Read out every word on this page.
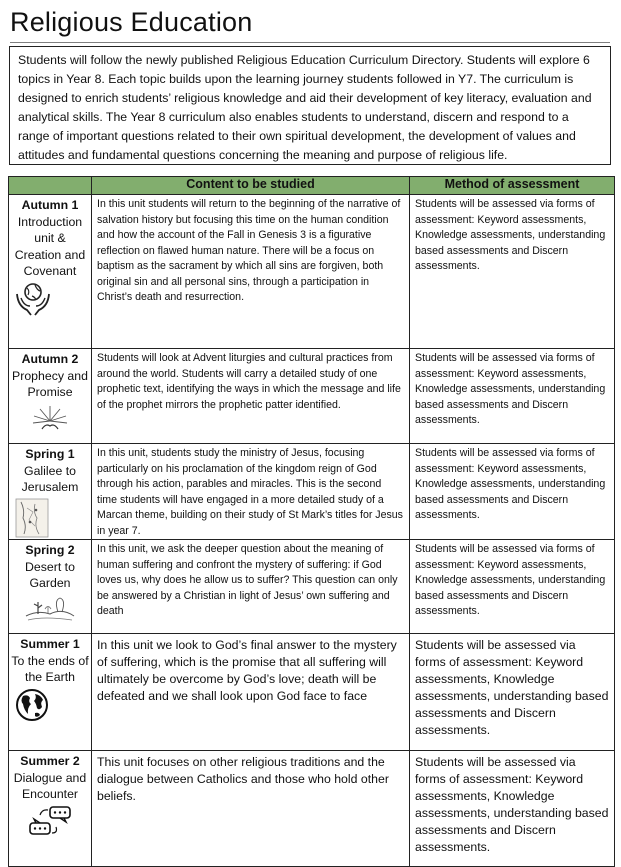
Religious Education
Students will follow the newly published Religious Education Curriculum Directory. Students will explore 6 topics in Year 8. Each topic builds upon the learning journey students followed in Y7. The curriculum is designed to enrich students’ religious knowledge and aid their development of key literacy, evaluation and analytical skills. The Year 8 curriculum also enables students to understand, discern and respond to a range of important questions related to their own spiritual development, the development of values and attitudes and fundamental questions concerning the meaning and purpose of religious life.
	Content to be studied	Method of assessment

Autumn 1
Introduction unit & Creation and Covenant	In this unit students will return to the beginning of the narrative of salvation history but focusing this time on the human condition and how the account of the Fall in Genesis 3 is a figurative reflection on flawed human nature. There will be a focus on baptism as the sacrament by which all sins are forgiven, both original sin and all personal sins, through a participation in Christ’s death and resurrection.	Students will be assessed via forms of assessment: Keyword assessments, Knowledge assessments, understanding based assessments and Discern assessments.

Autumn 2
Prophecy and Promise	Students will look at Advent liturgies and cultural practices from around the world. Students will carry a detailed study of one prophetic text, identifying the ways in which the message and life of the prophet mirrors the prophetic patter identified.	Students will be assessed via forms of assessment: Keyword assessments, Knowledge assessments, understanding based assessments and Discern assessments.

Spring 1
Galilee to Jerusalem	In this unit, students study the ministry of Jesus, focusing particularly on his proclamation of the kingdom reign of God through his action, parables and miracles. This is the second time students will have engaged in a more detailed study of a Marcan theme, building on their study of St Mark’s titles for Jesus in year 7.	Students will be assessed via forms of assessment: Keyword assessments, Knowledge assessments, understanding based assessments and Discern assessments.

Spring 2
Desert to Garden	In this unit, we ask the deeper question about the meaning of human suffering and confront the mystery of suffering: if God loves us, why does he allow us to suffer? This question can only be answered by a Christian in light of Jesus’ own suffering and death	Students will be assessed via forms of assessment: Keyword assessments, Knowledge assessments, understanding based assessments and Discern assessments.

Summer 1
To the ends of the Earth	In this unit we look to God’s final answer to the mystery of suffering, which is the promise that all suffering will ultimately be overcome by God’s love; death will be defeated and we shall look upon God face to face	Students will be assessed via forms of assessment: Keyword assessments, Knowledge assessments, understanding based assessments and Discern assessments.

Summer 2
Dialogue and Encounter	This unit focuses on other religious traditions and the dialogue between Catholics and those who hold other beliefs.	Students will be assessed via forms of assessment: Keyword assessments, Knowledge assessments, understanding based assessments and Discern assessments.
